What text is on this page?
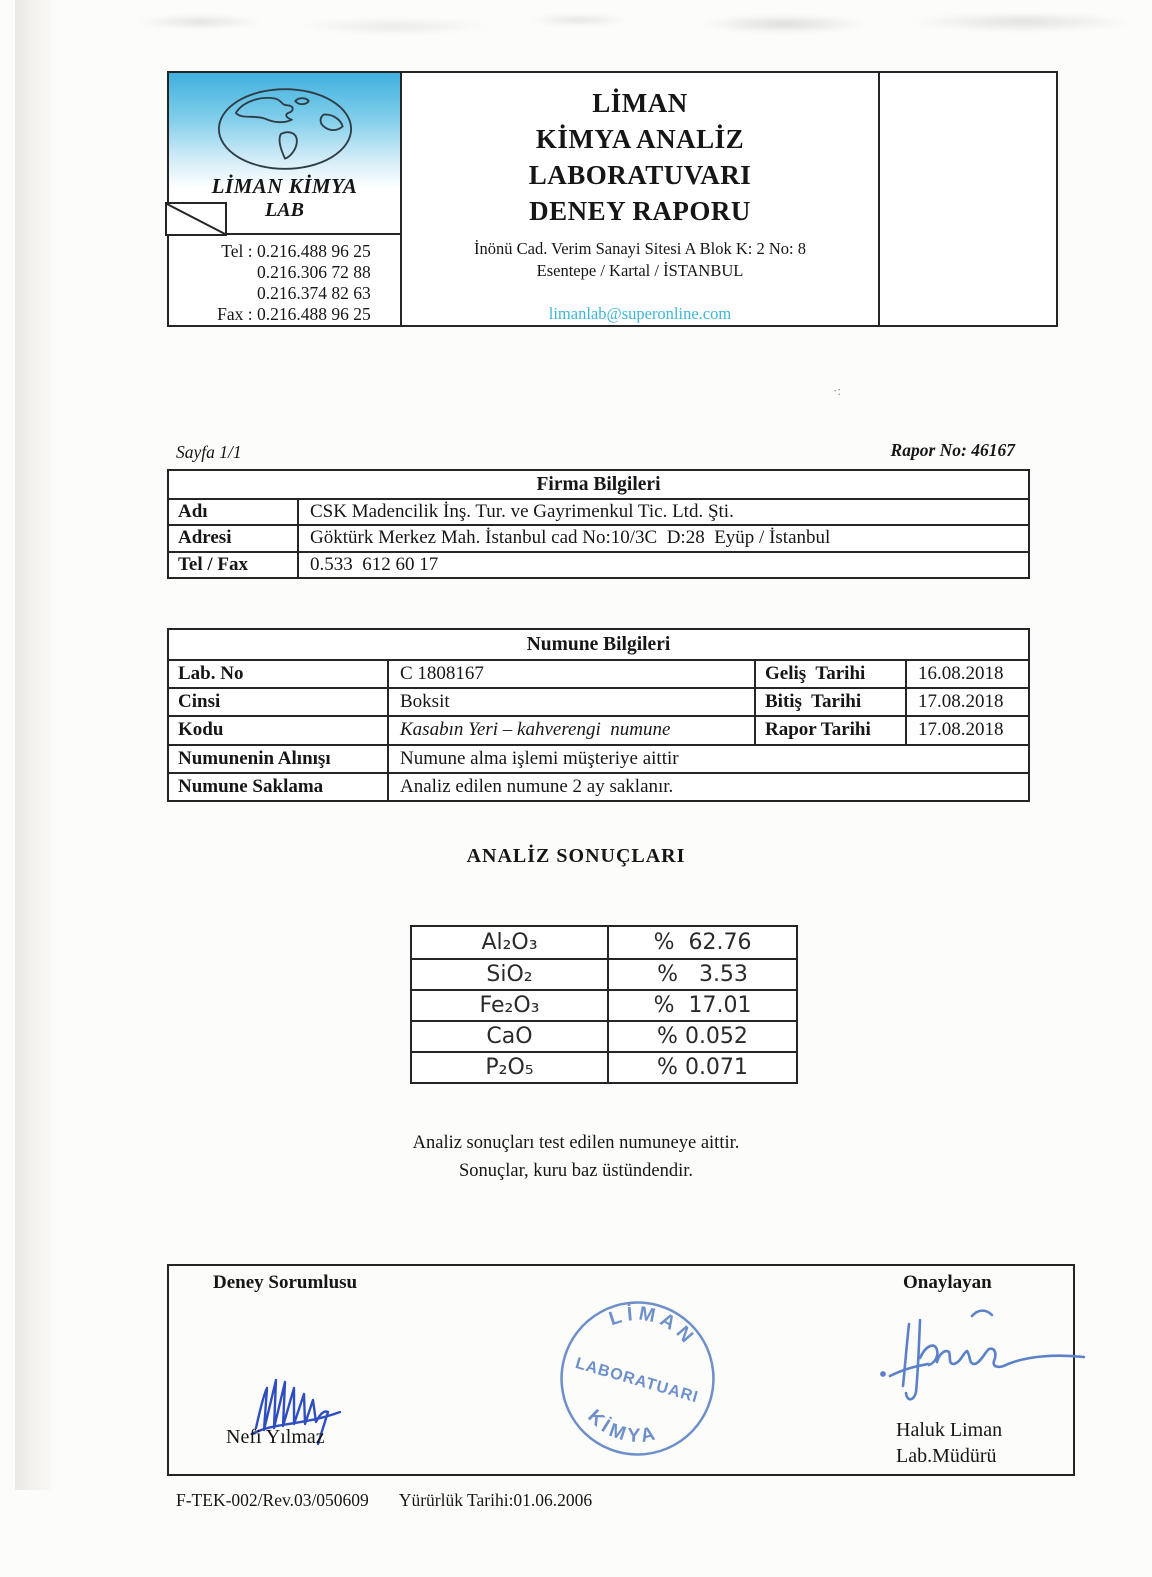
·:
LİMAN KİMYA
LAB
Tel : 0.216.488 96 25
0.216.306 72 88
0.216.374 82 63
Fax : 0.216.488 96 25
LİMAN
KİMYA ANALİZ
LABORATUVARI
DENEY RAPORU
İnönü Cad. Verim Sanayi Sitesi A Blok K: 2 No: 8
Esentepe / Kartal / İSTANBUL
limanlab@superonline.com
Sayfa 1/1	Rapor No: 46167
Firma Bilgileri
Adı	CSK Madencilik İnş. Tur. ve Gayrimenkul Tic. Ltd. Şti.
Adresi	Göktürk Merkez Mah. İstanbul cad No:10/3C  D:28  Eyüp / İstanbul
Tel / Fax	0.533  612 60 17
Numune Bilgileri
Lab. No	C 1808167	Geliş  Tarihi	16.08.2018
Cinsi	Boksit	Bitiş  Tarihi	17.08.2018
Kodu	Kasabın Yeri – kahverengi  numune	Rapor Tarihi	17.08.2018
Numunenin Alınışı	Numune alma işlemi müşteriye aittir
Numune Saklama	Analiz edilen numune 2 ay saklanır.
ANALİZ SONUÇLARI
Al₂O₃	%  62.76
SiO₂	%   3.53
Fe₂O₃	%  17.01
CaO	% 0.052
P₂O₅	% 0.071
Analiz sonuçları test edilen numuneye aittir.
Sonuçlar, kuru baz üstündendir.
Deney Sorumlusu	Onaylayan
LİMAN
LABORATUARI
KİMYA
Nefi Yılmaz	Haluk Liman
Lab.Müdürü
F-TEK-002/Rev.03/050609 Yürürlük Tarihi:01.06.2006
